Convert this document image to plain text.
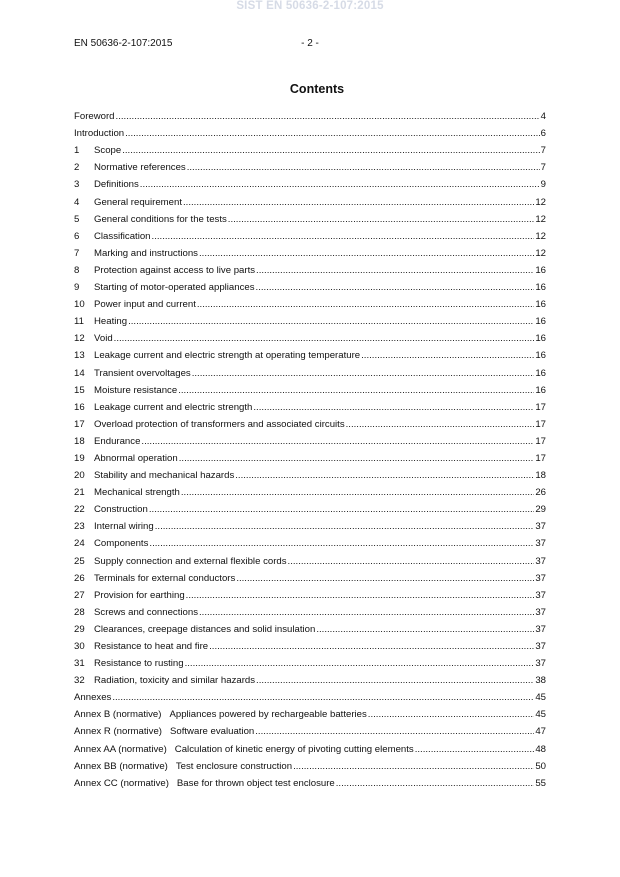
SIST EN 50636-2-107:2015
EN 50636-2-107:2015	- 2 -
Contents
Foreword .....	4
Introduction .....	6
1	Scope .....	7
2	Normative references .....	7
3	Definitions .....	9
4	General requirement .....	12
5	General conditions for the tests .....	12
6	Classification .....	12
7	Marking and instructions .....	12
8	Protection against access to live parts .....	16
9	Starting of motor-operated appliances .....	16
10 Power input and current .....	16
11	Heating .....	16
12 Void .....	16
13 Leakage current and electric strength at operating temperature .....	16
14 Transient overvoltages .....	16
15 Moisture resistance .....	16
16 Leakage current and electric strength .....	17
17 Overload protection of transformers and associated circuits .....	17
18 Endurance .....	17
19 Abnormal operation .....	17
20 Stability and mechanical hazards .....	18
21 Mechanical strength .....	26
22 Construction .....	29
23 Internal wiring .....	37
24 Components .....	37
25 Supply connection and external flexible cords .....	37
26 Terminals for external conductors .....	37
27 Provision for earthing .....	37
28 Screws and connections .....	37
29 Clearances, creepage distances and solid insulation .....	37
30 Resistance to heat and fire .....	37
31 Resistance to rusting .....	37
32 Radiation, toxicity and similar hazards .....	38
Annexes .....	45
Annex B (normative) Appliances powered by rechargeable batteries .....	45
Annex R (normative) Software evaluation .....	47
Annex AA (normative) Calculation of kinetic energy of pivoting cutting elements .....	48
Annex BB (normative) Test enclosure construction .....	50
Annex CC (normative) Base for thrown object test enclosure .....	55
